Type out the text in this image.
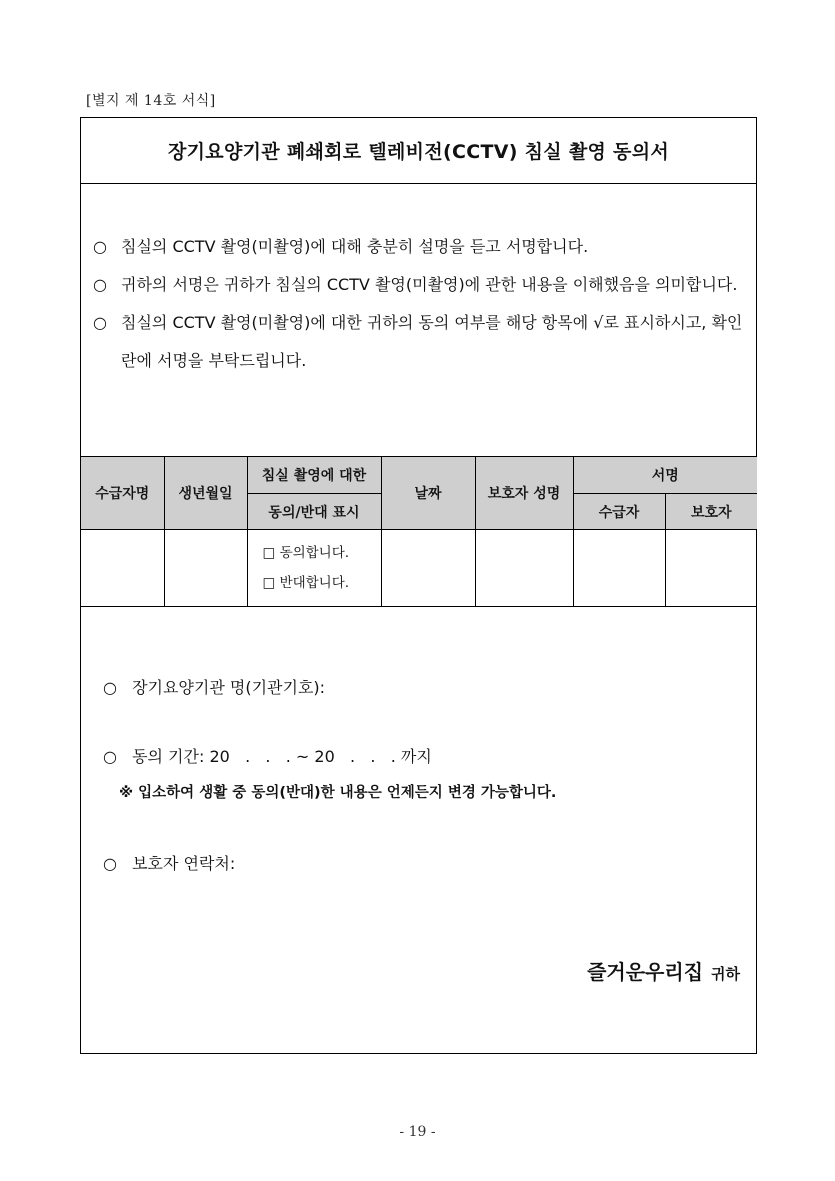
[별지 제 14호 서식]
장기요양기관 폐쇄회로 텔레비전(CCTV) 침실 촬영 동의서
○ 침실의 CCTV 촬영(미촬영)에 대해 충분히 설명을 듣고 서명합니다.
○ 귀하의 서명은 귀하가 침실의 CCTV 촬영(미촬영)에 관한 내용을 이해했음을 의미합니다.
○ 침실의 CCTV 촬영(미촬영)에 대한 귀하의 동의 여부를 해당 항목에 √로 표시하시고, 확인란에 서명을 부탁드립니다.
수급자명	생년월일	침실 촬영에 대한	날짜	보호자 성명	서명	
		동의/반대 표시			수급자	보호자

		□ 동의합니다.
□ 반대합니다.				

○ 장기요양기관 명(기관기호):
○ 동의 기간: 20   .   .   . ~ 20   .   .   . 까지
※ 입소하여 생활 중 동의(반대)한 내용은 언제든지 변경 가능합니다.
○ 보호자 연락처:
즐거운우리집 귀하
- 19 -
